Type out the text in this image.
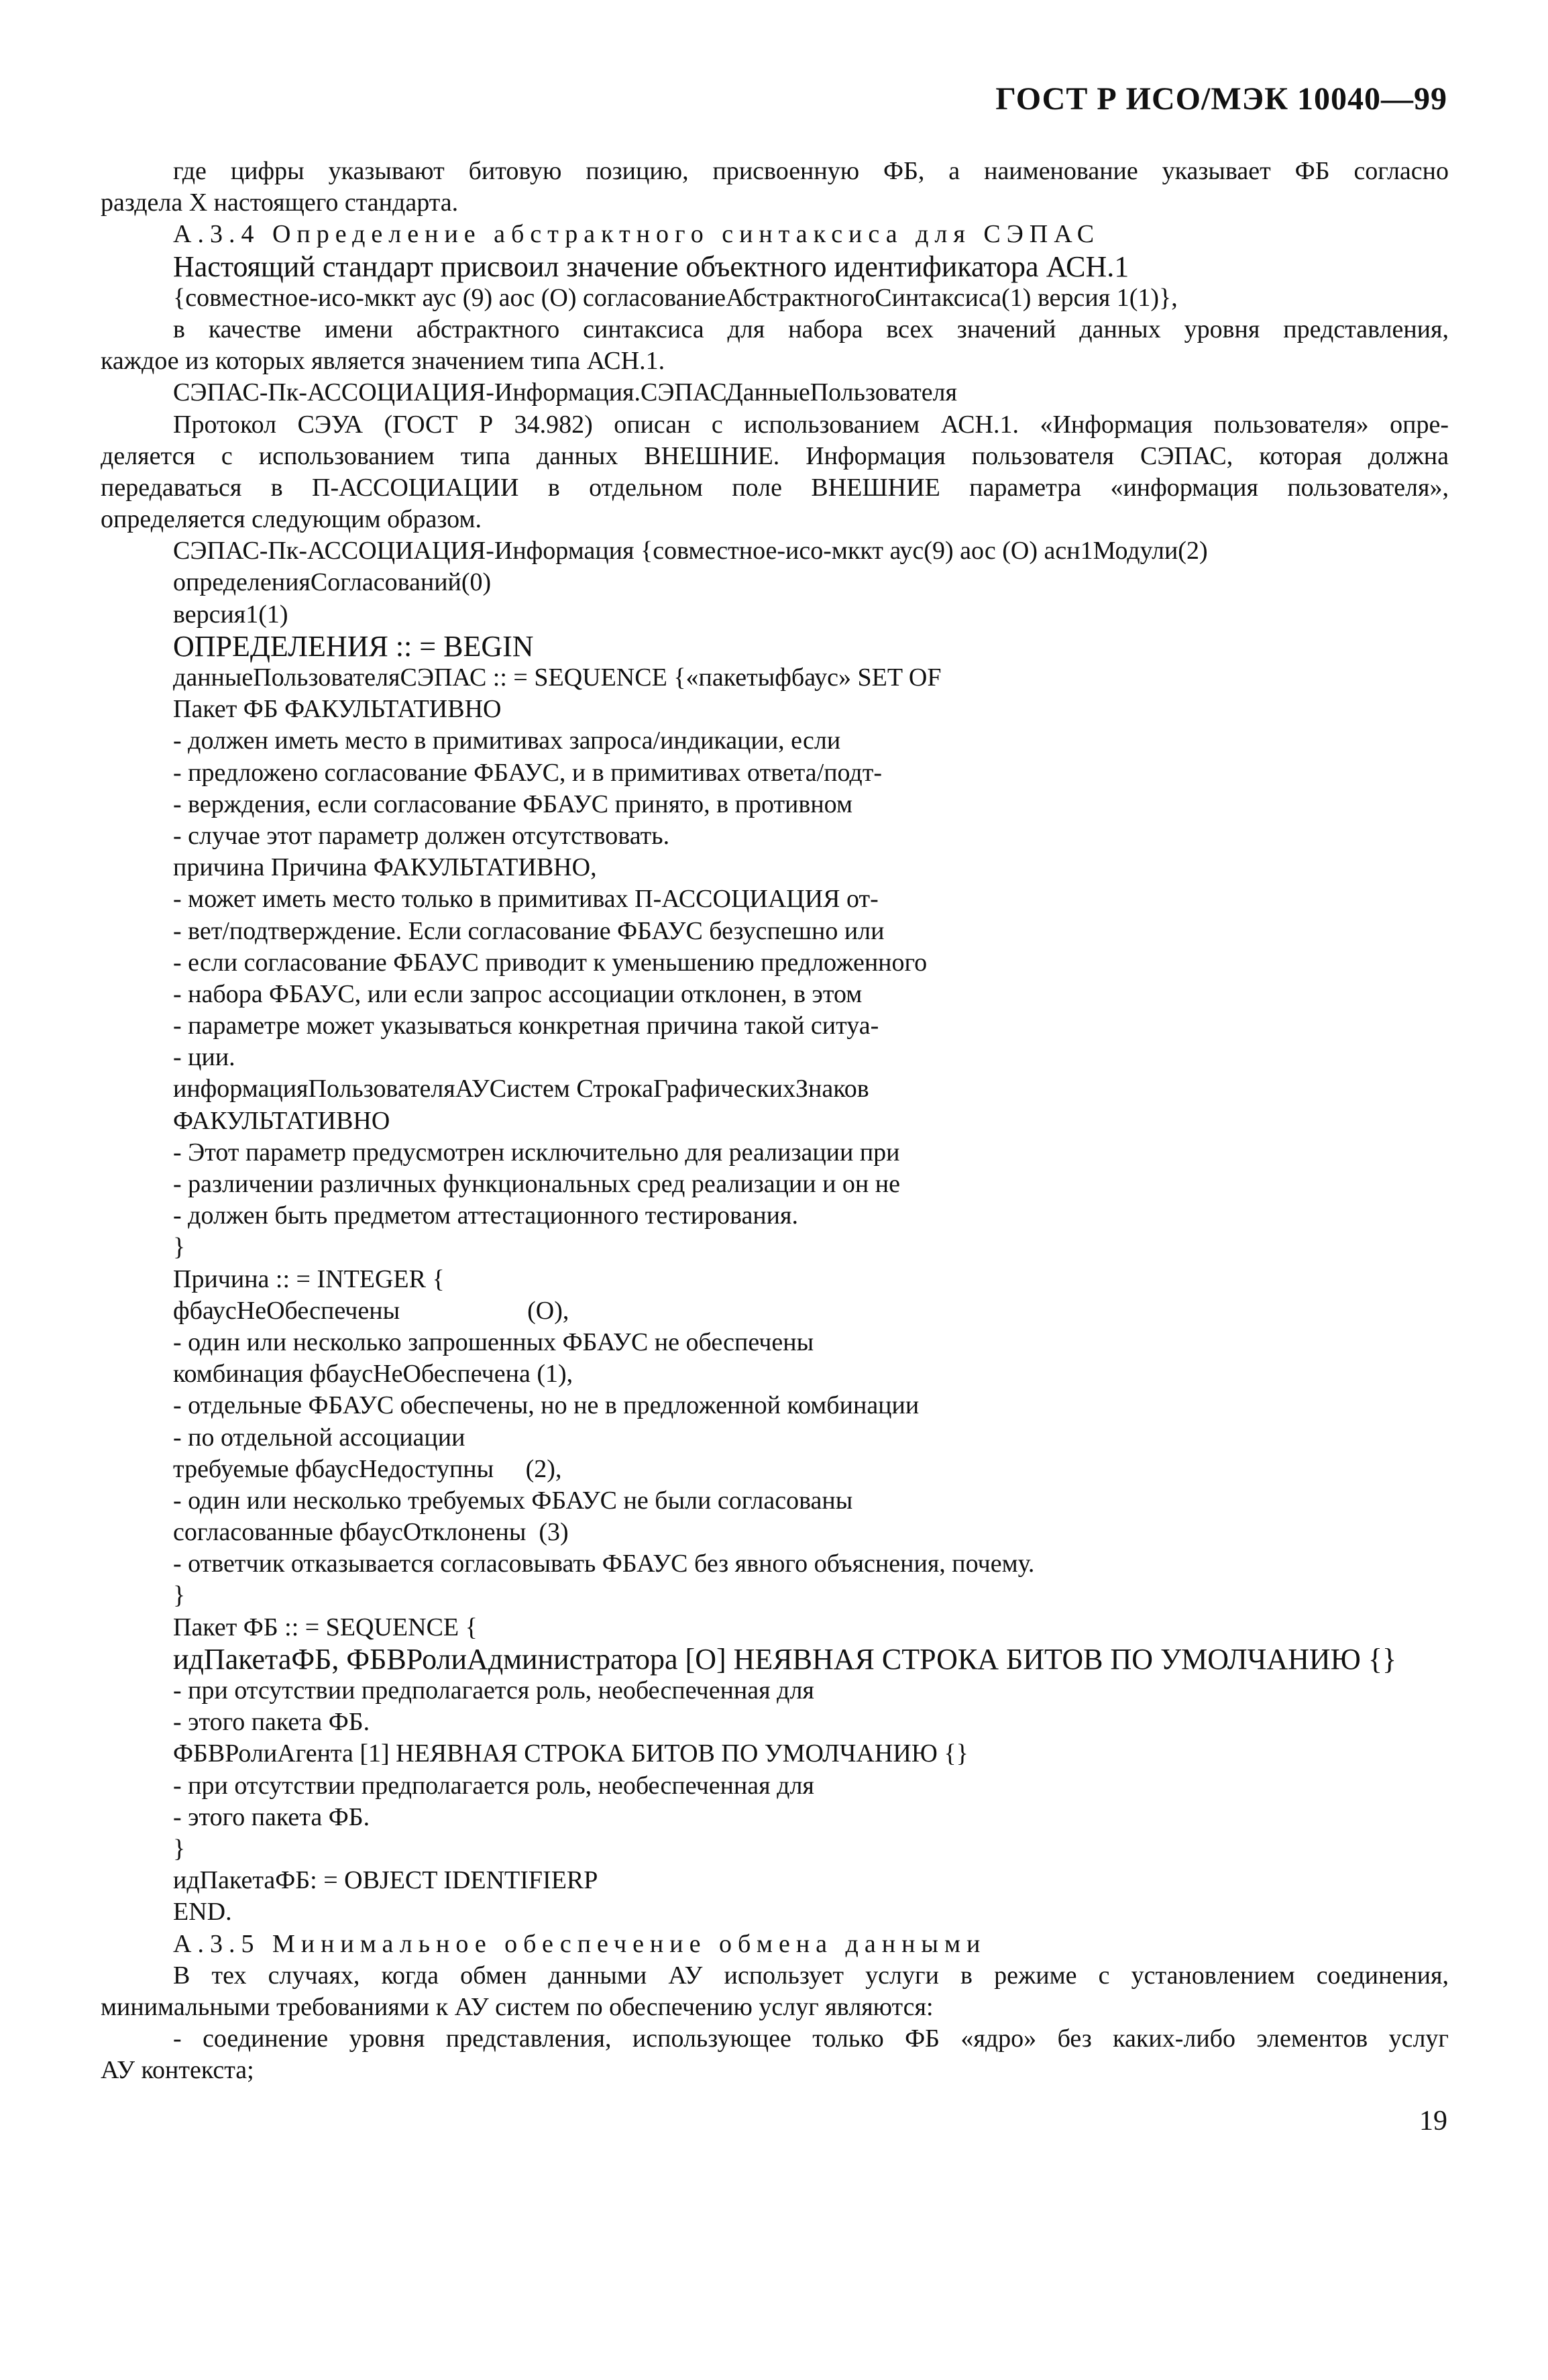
ГОСТ Р ИСО/МЭК 10040—99
где цифры указывают битовую позицию, присвоенную ФБ, а наименование указывает ФБ согласно
раздела X настоящего стандарта.
А.3.4 Определение абстрактного синтаксиса для СЭПАС
Настоящий стандарт присвоил значение объектного идентификатора АСН.1
{совместное-исо-мккт аус (9) аос (О) согласованиеАбстрактногоСинтаксиса(1) версия 1(1)},
в качестве имени абстрактного синтаксиса для набора всех значений данных уровня представления,
каждое из которых является значением типа АСН.1.
СЭПАС-Пк-АССОЦИАЦИЯ-Информация.СЭПАСДанныеПользователя
Протокол СЭУА (ГОСТ Р 34.982) описан с использованием АСН.1. «Информация пользователя» опре-
деляется с использованием типа данных ВНЕШНИЕ. Информация пользователя СЭПАС, которая должна
передаваться в П-АССОЦИАЦИИ в отдельном поле ВНЕШНИЕ параметра «информация пользователя»,
определяется следующим образом.
СЭПАС-Пк-АССОЦИАЦИЯ-Информация {совместное-исо-мккт аус(9) аос (О) асн1Модули(2)
определенияСогласований(0)
версия1(1)
ОПРЕДЕЛЕНИЯ :: = BEGIN
данныеПользователяСЭПАС :: = SEQUENCE {«пакетыфбаус» SET OF
Пакет ФБ ФАКУЛЬТАТИВНО
- должен иметь место в примитивах запроса/индикации, если
- предложено согласование ФБАУС, и в примитивах ответа/подт-
- верждения, если согласование ФБАУС принято, в противном
- случае этот параметр должен отсутствовать.
причина Причина ФАКУЛЬТАТИВНО,
- может иметь место только в примитивах П-АССОЦИАЦИЯ от-
- вет/подтверждение. Если согласование ФБАУС безуспешно или
- если согласование ФБАУС приводит к уменьшению предложенного
- набора ФБАУС, или если запрос ассоциации отклонен, в этом
- параметре может указываться конкретная причина такой ситуа-
- ции.
информацияПользователяАУСистем СтрокаГрафическихЗнаков
ФАКУЛЬТАТИВНО
- Этот параметр предусмотрен исключительно для реализации при
- различении различных функциональных сред реализации и он не
- должен быть предметом аттестационного тестирования.
}
Причина :: = INTEGER {
фбаусНеОбеспечены                    (О),
- один или несколько запрошенных ФБАУС не обеспечены
комбинация фбаусНеОбеспечена (1),
- отдельные ФБАУС обеспечены, но не в предложенной комбинации
- по отдельной ассоциации
требуемые фбаусНедоступны     (2),
- один или несколько требуемых ФБАУС не были согласованы
согласованные фбаусОтклонены  (3)
- ответчик отказывается согласовывать ФБАУС без явного объяснения, почему.
}
Пакет ФБ :: = SEQUENCE {
идПакетаФБ, ФБВРолиАдминистратора [О] НЕЯВНАЯ СТРОКА БИТОВ ПО УМОЛЧАНИЮ {}
- при отсутствии предполагается роль, необеспеченная для
- этого пакета ФБ.
ФБВРолиАгента [1] НЕЯВНАЯ СТРОКА БИТОВ ПО УМОЛЧАНИЮ {}
- при отсутствии предполагается роль, необеспеченная для
- этого пакета ФБ.
}
идПакетаФБ: = OBJECT IDENTIFIERP
END.
А.3.5 Минимальное обеспечение обмена данными
В тех случаях, когда обмен данными АУ использует услуги в режиме с установлением соединения,
минимальными требованиями к АУ систем по обеспечению услуг являются:
- соединение уровня представления, использующее только ФБ «ядро» без каких-либо элементов услуг
АУ контекста;
19
